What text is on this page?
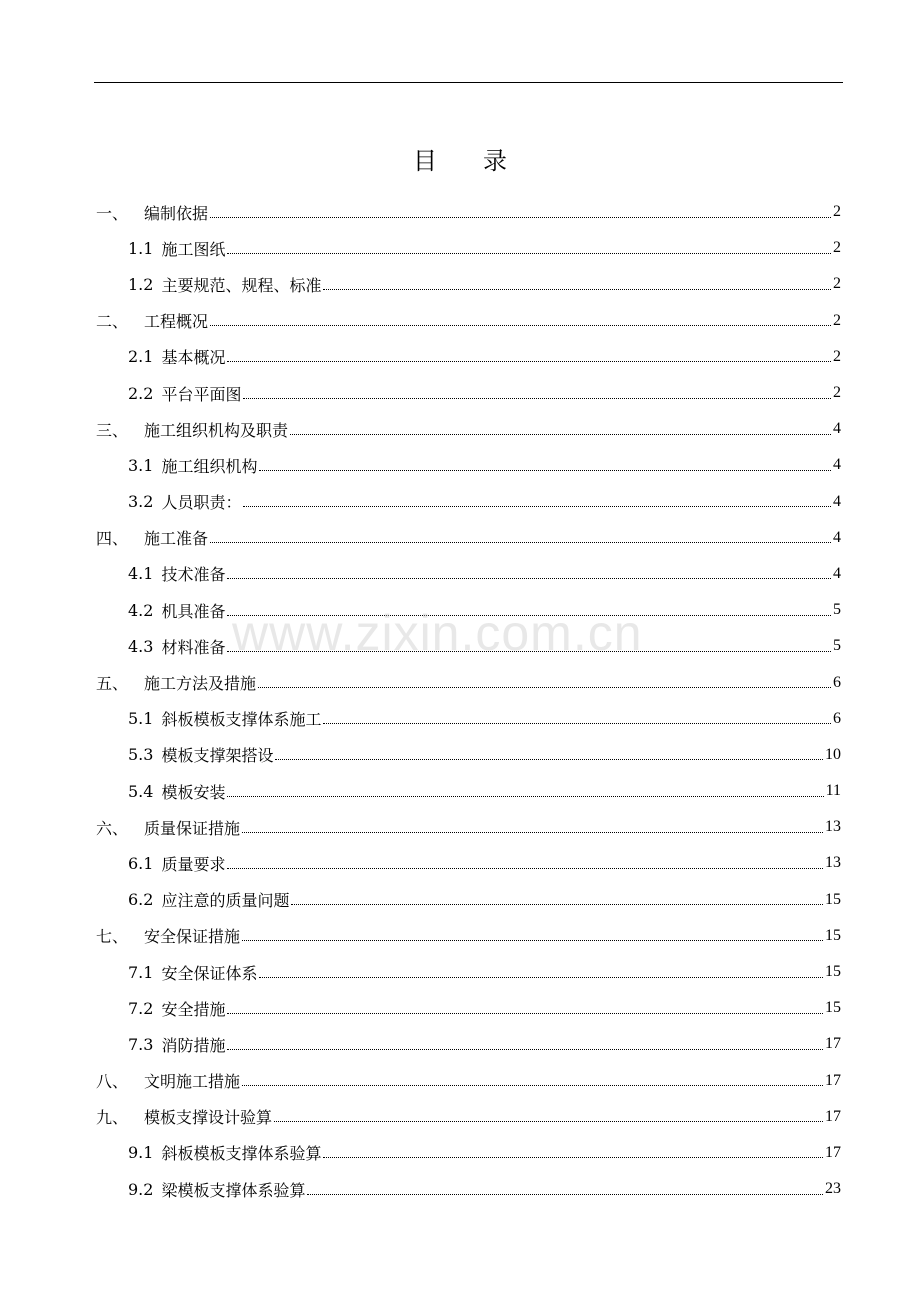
目录
一、 编制依据	2
1.1 施工图纸	2
1.2 主要规范、规程、标准	2
二、 工程概况	2
2.1 基本概况	2
2.2 平台平面图	2
三、 施工组织机构及职责	4
3.1 施工组织机构	4
3.2 人员职责：	4
四、 施工准备	4
4.1 技术准备	4
4.2 机具准备	5
4.3 材料准备	5
五、 施工方法及措施	6
5.1 斜板模板支撑体系施工	6
5.3 模板支撑架搭设	10
5.4 模板安装	11
六、 质量保证措施	13
6.1 质量要求	13
6.2 应注意的质量问题	15
七、 安全保证措施	15
7.1 安全保证体系	15
7.2 安全措施	15
7.3 消防措施	17
八、 文明施工措施	17
九、 模板支撑设计验算	17
9.1 斜板模板支撑体系验算	17
9.2 梁模板支撑体系验算	23
www.zixin.com.cn
